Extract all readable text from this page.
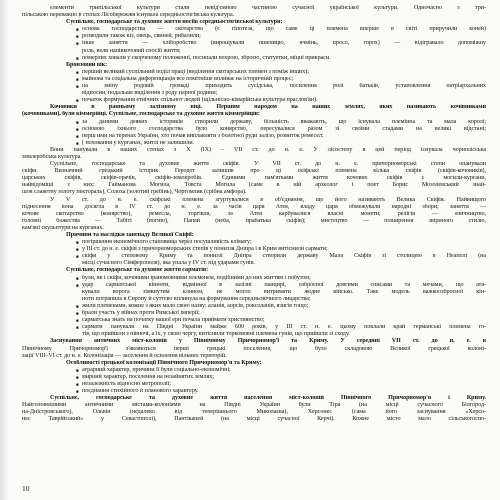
елементи трипільської культури стали невід'ємною частиною сучасної української культури. Одночасно з три-
пільською переважно в степах Лісобережжя існувала середньостогівська культура.
Суспільне, господарське та духовне життя носіїв середньостогівської культури:
■ основа господарства — скотарство (є гіпотеза, що саме ці племена вперше в світі приручили коней)
■ розводили також кіз, овець, свиней, рибалили;
■ інше заняття — хліборобство (вирощували пшеницю, ячмінь, просо, горох) — відігравало допоміжну
роль, вели напівкочовий спосіб життя;
■ померлих ховали у скорченому положенні, посипали вохрою, зброєю, статуетки, міцні прикраси.
Бронзовий вік:
■ перший великий суспільний поділ праці (виділення скотарських племен з поміж інших);
■ майнова та соціальна диференціація все помітніше впливає на історичний процес;
■ на зміну родовій громаді приходить сусідська, посилення ролі батьків, установлення патріархальних
відносин, подальше виділення з роду парної родини;
■ початок формування етнічних спільнот людей (щільнісно-кімарійська культура праслов'ян).
Кочовики в ранньому залізному віці. Першим народом на наших землях, яких називають кочівниками
(кочовиками), були кіммерійці. Суспільне, господарське та духовне життя кіммерійців:
■ за даними деяких істориків створили державу, більшість вважають, що існувала племінна та мала королі;
■ основою їхнього господарства було конярство, пересувалися разом зі своїми стадами на великі відстані;
■ перш ими на теренах України, хто почав виплавляти з болотної руди залізо, розвиток ремесел;
■ [ поховання у курганах, житлі не залишили.
Вони панували в наших степах з X (IX) – VII ст. до н. е. У лісостепу в цей період існувала чорнолісська
землеробська культура.
Суспільне, господарське та духовне життя скіфів. У VII ст. до н. е. причорноморські степи опанували
скіфи. Визначний грецький історик Геродот залишив про ці скіфські племена кілька скіфів (скіфів-кочовиків),
царських скіфів, скіфів-орачів, скіфів-землеробів. Єдиними пам'ятками життя кочових скіфів є могили-кургани,
найвідоміші з них: Гайманова Могила, Товста Могила (саме в ній археолог і поет Борис Мозолевський знай-
шов славетну золоту пектораль), Солоха (золотий гребінь), Чортомлик (срібна амфора).
У V ст. до н. е. скіфські племена згуртувалися в об'єднання, що його називають Велика Скіфія. Найвищого
піднесення вона досягла в IV ст. до н. е. за часів царя Атея, владу царя обмежували народні збори; заняття —
кочове скотарство (конярство), ремесла, торгівля, за Атея карбувалися власні монети; релігія — язичництво,
головні божества — Табіті (вогню), Папай (неба, прабатька скіфів); мистецтво — поширення звіриного стилю,
кам'яні скульптури на курганах.
Причини та наслідки занепаду Великої Скіфії:
■ погіршення економічного становища через посушливість клімату;
■ у III ст. до н. е. скіфів з причорноморських степів у пониззя Дніпра і в Крим витіснили сармати;
■ скіфи у степовому Криму та пониззі Дніпра створили державу Мала Скіфія зі столицею в Неаполі (на
місці сучасного Сімферополя), яка упала у IV ст. під ударами гунів.
Суспільне, господарське та духовне життя сарматів:
■ були, як і скіфи, кочовими іраномовними племенем, подібними до них життям і побутом;
■ удар сарматської кінноти, відмінної в залізні панцирі, озброєної довгими списами та мечами, що ата-
кували ворога зімкнутим клином, не могло витримати жодне військо. Таке модель важкоозброєної кін-
ноти потрапила в Європу й суттєво вплинула на формування середньовічного лицарства;
■ жили племенами, кожне з яких мало свою назву: аланів, аорсів, роксоланів, язигів тощо;
■ брали участь у війнах проти Римської імперії;
■ сарматська знать на початку нашої ери почала приймати християнство;
■ сармати панували на Півдні України майже 600 років, у III ст. н. е. цьому поклали край германські племена го-
тів, що прийшли з півночі, а їх, у свою чергу, витіснили торкомовні племена гунів, що прийшли зі сходу.
Заснування античних міст-колоній у Північному Причорномор'ї та Криму. У середині VII ст. до н. е. в
Північному Причорномор'ї з'являються перші грецькі поселення, що було складовою Великої грецької колоні-
зації VIII–VI ст. до н. е. Колонізація — заселення й освоєння вільних територій.
Особливості грецької колонізації Північного Причорномор'я та Криму:
■ аграрний характер, причини її були соціально-економічні;
■ мирний характер, поселення на незайнятих землях;
■ незалежність відносно метрополії;
■ поєднання стихійного й планового характеру.
Суспільне, господарське та духовне життя населення міст-колоній Північного Причорномор'я і Криму.
Найголовнішими античними містами-колоніями на Півдні України були Тіра (на місці сучасного Білгород-
на-Дністровського), Ольвія (недалеко від теперішнього Миколаєва), Херсонес (сама його заснування «Херсо-
нес Таврійський» у Севастополі), Пантікапей (на місці сучасної Керчі). Кожне місто мало сільськогоспо-
10
